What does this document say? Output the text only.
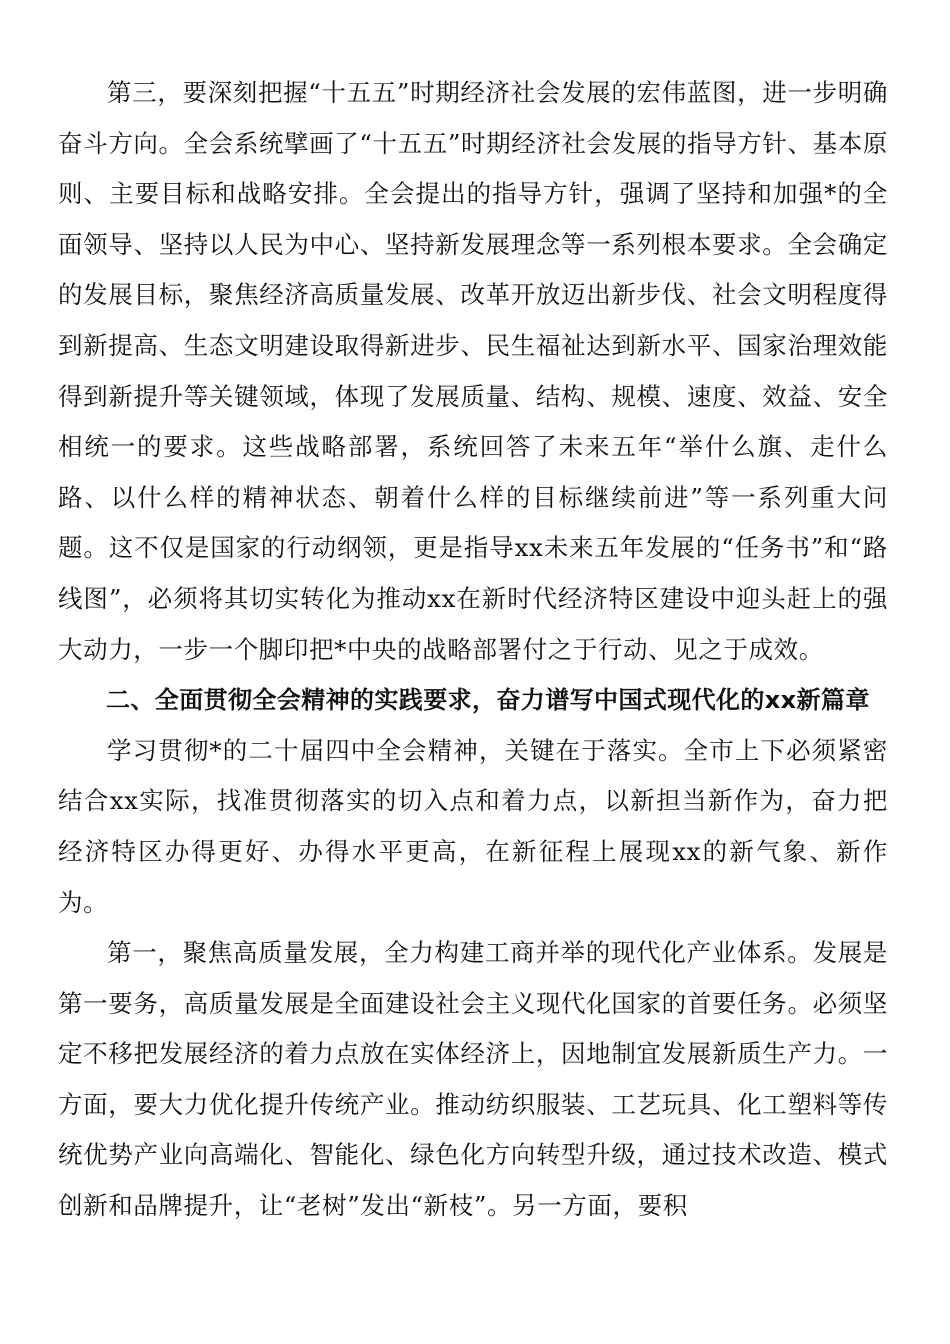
第三，要深刻把握“十五五”时期经济社会发展的宏伟蓝图，进一步明确奋斗方向。全会系统擘画了“十五五”时期经济社会发展的指导方针、基本原则、主要目标和战略安排。全会提出的指导方针，强调了坚持和加强*的全面领导、坚持以人民为中心、坚持新发展理念等一系列根本要求。全会确定的发展目标，聚焦经济高质量发展、改革开放迈出新步伐、社会文明程度得到新提高、生态文明建设取得新进步、民生福祉达到新水平、国家治理效能得到新提升等关键领域，体现了发展质量、结构、规模、速度、效益、安全相统一的要求。这些战略部署，系统回答了未来五年“举什么旗、走什么路、以什么样的精神状态、朝着什么样的目标继续前进”等一系列重大问题。这不仅是国家的行动纲领，更是指导xx未来五年发展的“任务书”和“路线图”，必须将其切实转化为推动xx在新时代经济特区建设中迎头赶上的强大动力，一步一个脚印把*中央的战略部署付之于行动、见之于成效。

二、全面贯彻全会精神的实践要求，奋力谱写中国式现代化的xx新篇章

学习贯彻*的二十届四中全会精神，关键在于落实。全市上下必须紧密结合xx实际，找准贯彻落实的切入点和着力点，以新担当新作为，奋力把经济特区办得更好、办得水平更高，在新征程上展现xx的新气象、新作为。

第一，聚焦高质量发展，全力构建工商并举的现代化产业体系。发展是第一要务，高质量发展是全面建设社会主义现代化国家的首要任务。必须坚定不移把发展经济的着力点放在实体经济上，因地制宜发展新质生产力。一方面，要大力优化提升传统产业。推动纺织服装、工艺玩具、化工塑料等传统优势产业向高端化、智能化、绿色化方向转型升级，通过技术改造、模式创新和品牌提升，让“老树”发出“新枝”。另一方面，要积
